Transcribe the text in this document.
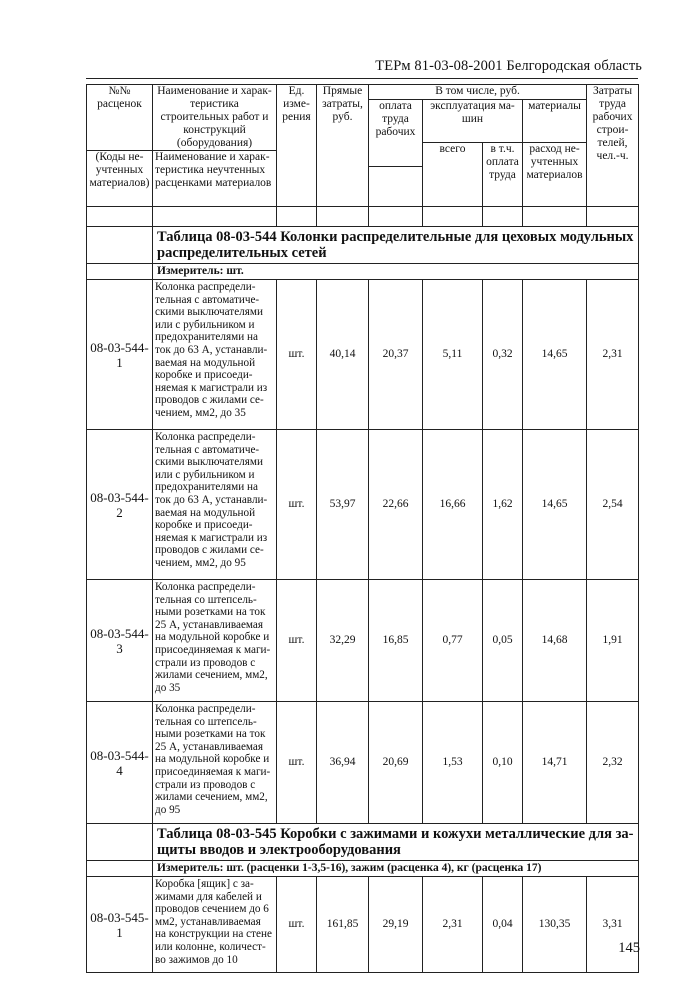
ТЕРм 81-03-08-2001 Белгородская область
№№ расценок	Наименование и харак-теристика строительных работ и конструкций (оборудования)	Ед. изме-рения	Прямые затраты, руб.	В том числе, руб.				Затраты труда рабочих строи-телей, чел.-ч.
				оплата труда рабочих	эксплуатация ма-шин		материалы	
					всего	в т.ч. оплата труда	расход не-учтенных материалов	
(Коды не-учтенных материалов)	Наименование и харак-теристика неучтенных расценками материалов							

	Таблица 08-03-544 Колонки распределительные для цеховых модульных распределительных сетей							
	Измеритель: шт.							
08-03-544-1	Колонка распредели-тельная с автоматиче-скими выключателями или с рубильником и предохранителями на ток до 63 А, устанавли-ваемая на модульной коробке и присоеди-няемая к магистрали из проводов с жилами се-чением, мм2, до 35	шт.	40,14	20,37	5,11	0,32	14,65	2,31
08-03-544-2	Колонка распредели-тельная с автоматиче-скими выключателями или с рубильником и предохранителями на ток до 63 А, устанавли-ваемая на модульной коробке и присоеди-няемая к магистрали из проводов с жилами се-чением, мм2, до 95	шт.	53,97	22,66	16,66	1,62	14,65	2,54
08-03-544-3	Колонка распредели-тельная со штепсель-ными розетками на ток 25 А, устанавливаемая на модульной коробке и присоединяемая к маги-страли из проводов с жилами сечением, мм2, до 35	шт.	32,29	16,85	0,77	0,05	14,68	1,91
08-03-544-4	Колонка распредели-тельная со штепсель-ными розетками на ток 25 А, устанавливаемая на модульной коробке и присоединяемая к маги-страли из проводов с жилами сечением, мм2, до 95	шт.	36,94	20,69	1,53	0,10	14,71	2,32
	Таблица 08-03-545 Коробки с зажимами и кожухи металлические для за-щиты вводов и электрооборудования							
	Измеритель: шт. (расценки 1-3,5-16), зажим (расценка 4), кг (расценка 17)							
08-03-545-1	Коробка [ящик] с за-жимами для кабелей и проводов сечением до 6 мм2, устанавливаемая на конструкции на стене или колонне, количест-во зажимов до 10	шт.	161,85	29,19	2,31	0,04	130,35	3,31
145
